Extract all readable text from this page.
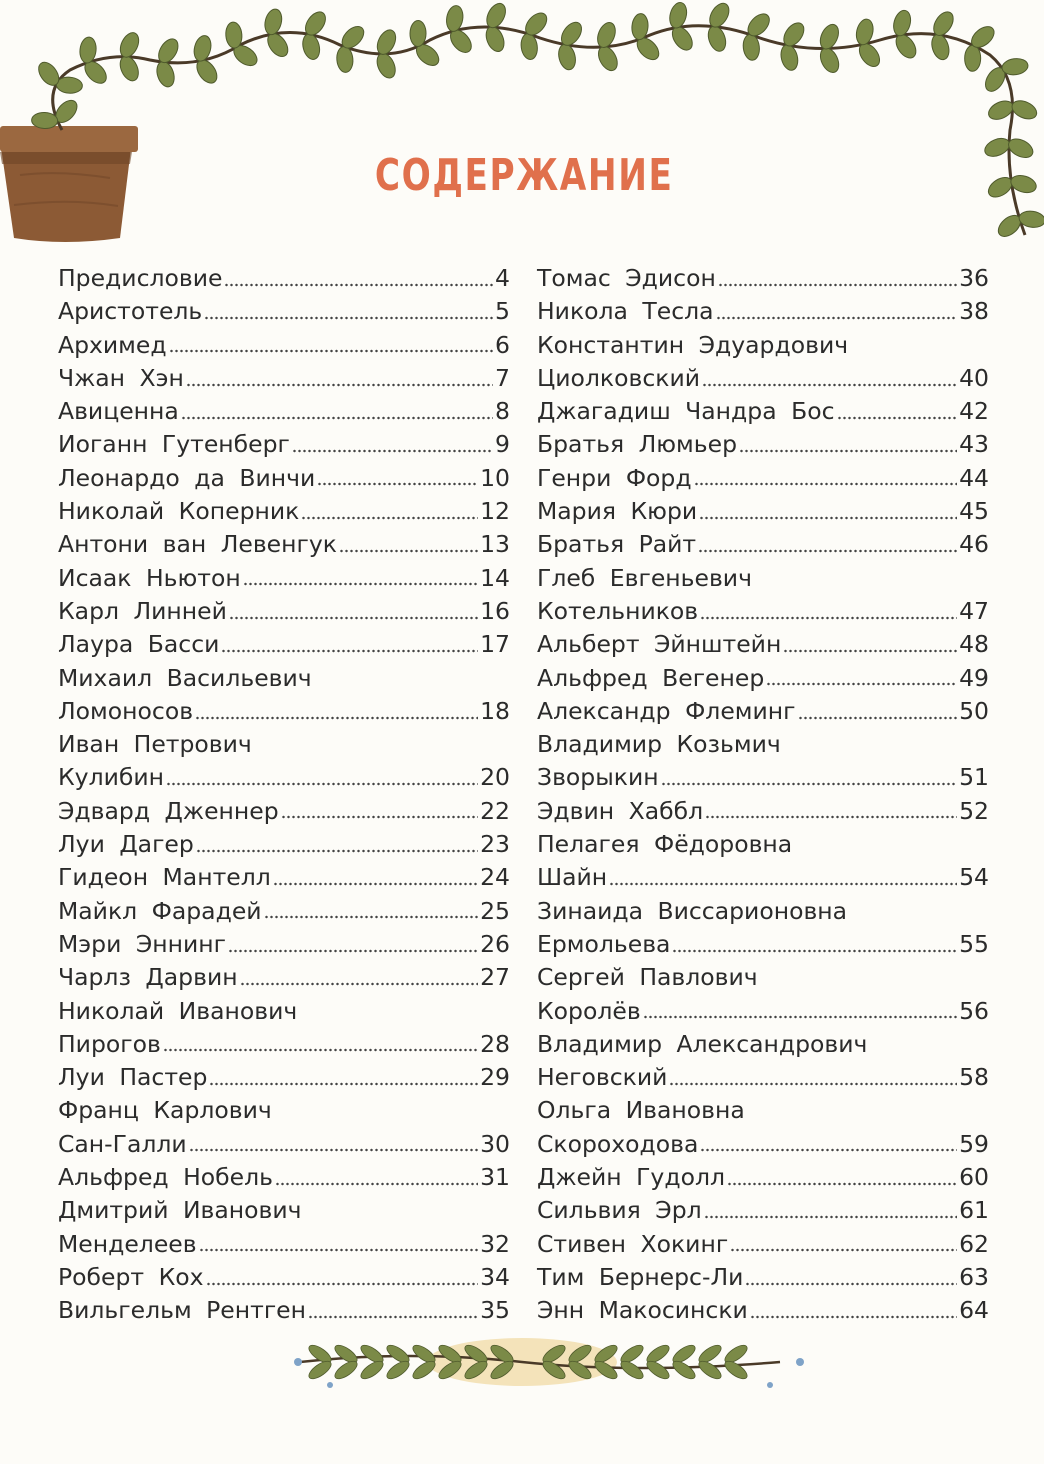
СОДЕРЖАНИЕ
Предисловие	4
Аристотель	5
Архимед	6
Чжан Хэн	7
Авиценна	8
Иоганн Гутенберг	9
Леонардо да Винчи	10
Николай Коперник	12
Антони ван Левенгук	13
Исаак Ньютон	14
Карл Линней	16
Лаура Басси	17
Михаил Васильевич
Ломоносов	18
Иван Петрович
Кулибин	20
Эдвард Дженнер	22
Луи Дагер	23
Гидеон Мантелл	24
Майкл Фарадей	25
Мэри Эннинг	26
Чарлз Дарвин	27
Николай Иванович
Пирогов	28
Луи Пастер	29
Франц Карлович
Сан-Галли	30
Альфред Нобель	31
Дмитрий Иванович
Менделеев	32
Роберт Кох	34
Вильгельм Рентген	35
Томас Эдисон	36
Никола Тесла	38
Константин Эдуардович
Циолковский	40
Джагадиш Чандра Бос	42
Братья Люмьер	43
Генри Форд	44
Мария Кюри	45
Братья Райт	46
Глеб Евгеньевич
Котельников	47
Альберт Эйнштейн	48
Альфред Вегенер	49
Александр Флеминг	50
Владимир Козьмич
Зворыкин	51
Эдвин Хаббл	52
Пелагея Фёдоровна
Шайн	54
Зинаида Виссарионовна
Ермольева	55
Сергей Павлович
Королёв	56
Владимир Александрович
Неговский	58
Ольга Ивановна
Скороходова	59
Джейн Гудолл	60
Сильвия Эрл	61
Стивен Хокинг	62
Тим Бернерс-Ли	63
Энн Макосински	64
